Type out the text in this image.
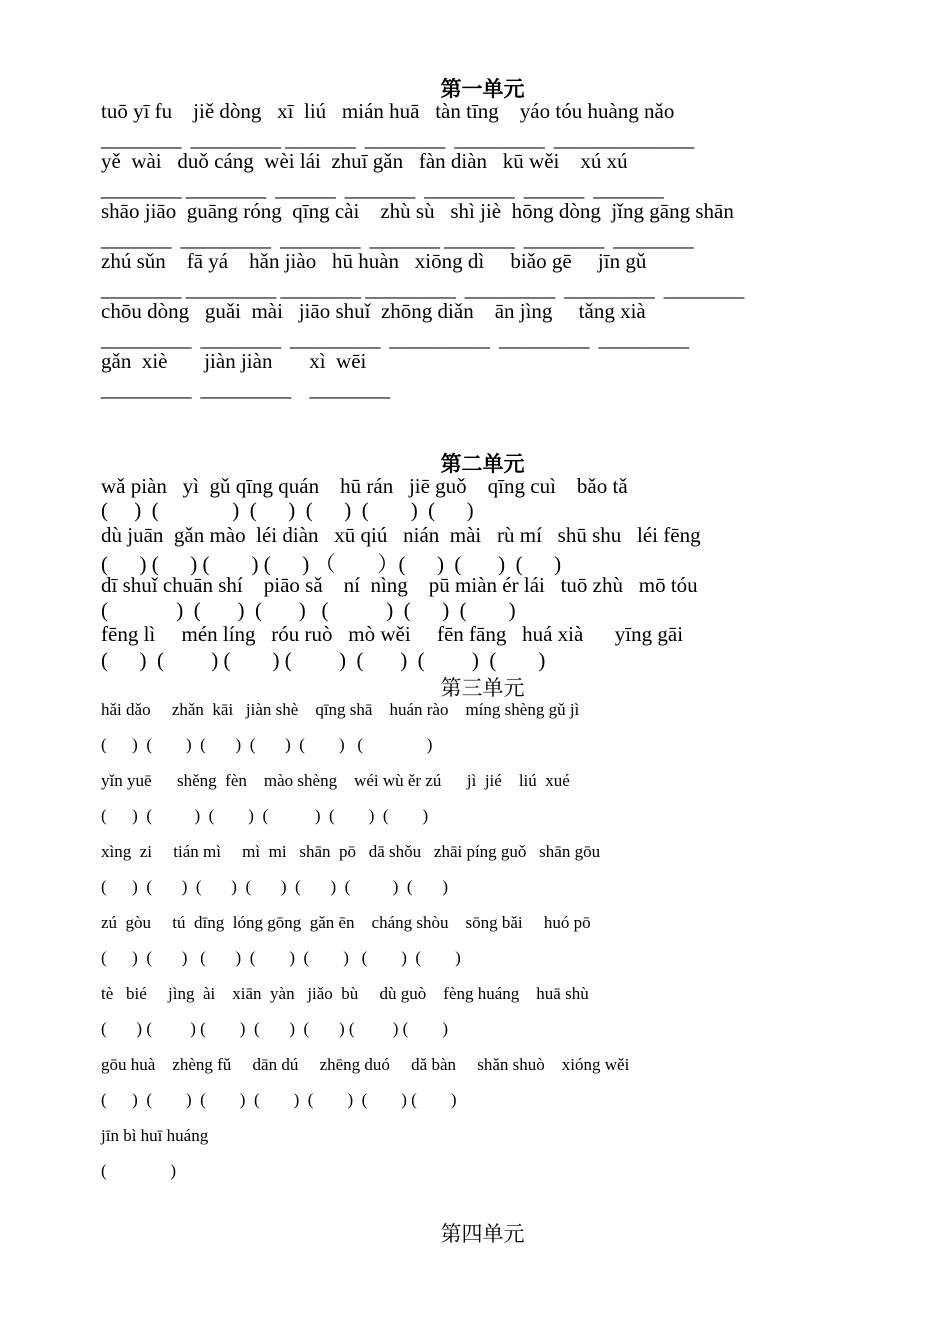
第一单元
tuō yī fu    jiě dòng   xī  liú   mián huā   tàn tīng    yáo tóu huàng nǎo
________  _________ _______  ________  _________  ______________
yě  wài   duǒ cáng  wèi lái  zhuī gǎn   fàn diàn   kū wěi    xú xú
________ ________  ______  _______  _________  ______  _______
shāo jiāo  guāng róng  qīng cài    zhù sù   shì jiè  hōng dòng  jǐng gāng shān
_______  _________  ________  _______ _______  ________  ________
zhú sǔn    fā yá    hǎn jiào   hū huàn   xiōng dì     biǎo gē     jīn gǔ
________ _________ ________ _________  _________  _________  ________
chōu dòng   guǎi  mài   jiāo shuǐ  zhōng diǎn    ān jìng     tǎng xià
_________  ________  _________  __________  _________  _________
gǎn  xiè       jiàn jiàn       xì  wēi
_________  _________    ________
第二单元
wǎ piàn   yì  gǔ qīng quán    hū rán   jiē guǒ    qīng cuì    bǎo tǎ
(     )  (              )  (      )  (      )  (        )  (      )
dù juān  gǎn mào  léi diàn   xū qiú   nián  mài   rù mí   shū shu   léi fēng
(      ) (      ) (        ) (      ) （        ）(      )  (       )  (      )
dī shuǐ chuān shí    piāo sǎ    ní  nìng    pū miàn ér lái   tuō zhù   mō tóu
(             )  (       )  (       )   (           )  (      )  (        )
fēng lì     mén líng   róu ruò   mò wěi     fēn fāng   huá xià      yīng gāi
(      )  (         ) (        ) (         )  (       )  (         )  (        )
第三单元
hǎi dǎo     zhǎn  kāi   jiàn shè    qīng shā    huán rào    míng shèng gǔ jì
(      )  (        )  (       )  (       )  (        )   (               )
yǐn yuē      shěng  fèn    mào shèng    wéi wù ěr zú      jì  jié    liú  xué
(      )  (          )  (        )  (           )  (        )  (        )
xìng  zi     tián mì     mì  mi   shān  pō   dā shǒu   zhāi píng guǒ   shān gōu
(      )  (       )  (       )  (       )  (       )  (          )  (       )
zú  gòu     tú  dīng  lóng gōng  gǎn ēn    cháng shòu    sōng bǎi     huó pō
(      )  (       )   (       )  (        )  (        )   (        )  (        )
tè   bié     jìng  ài    xiān  yàn   jiǎo  bù     dù guò    fèng huáng    huā shù
(       ) (         ) (        )  (       )  (       ) (         ) (        )
gōu huà    zhèng fǔ     dān dú     zhēng duó     dǎ bàn     shǎn shuò    xióng wěi
(      )  (        )  (        )  (        )  (        )  (        ) (        )
jīn bì huī huáng
(               )
第四单元
